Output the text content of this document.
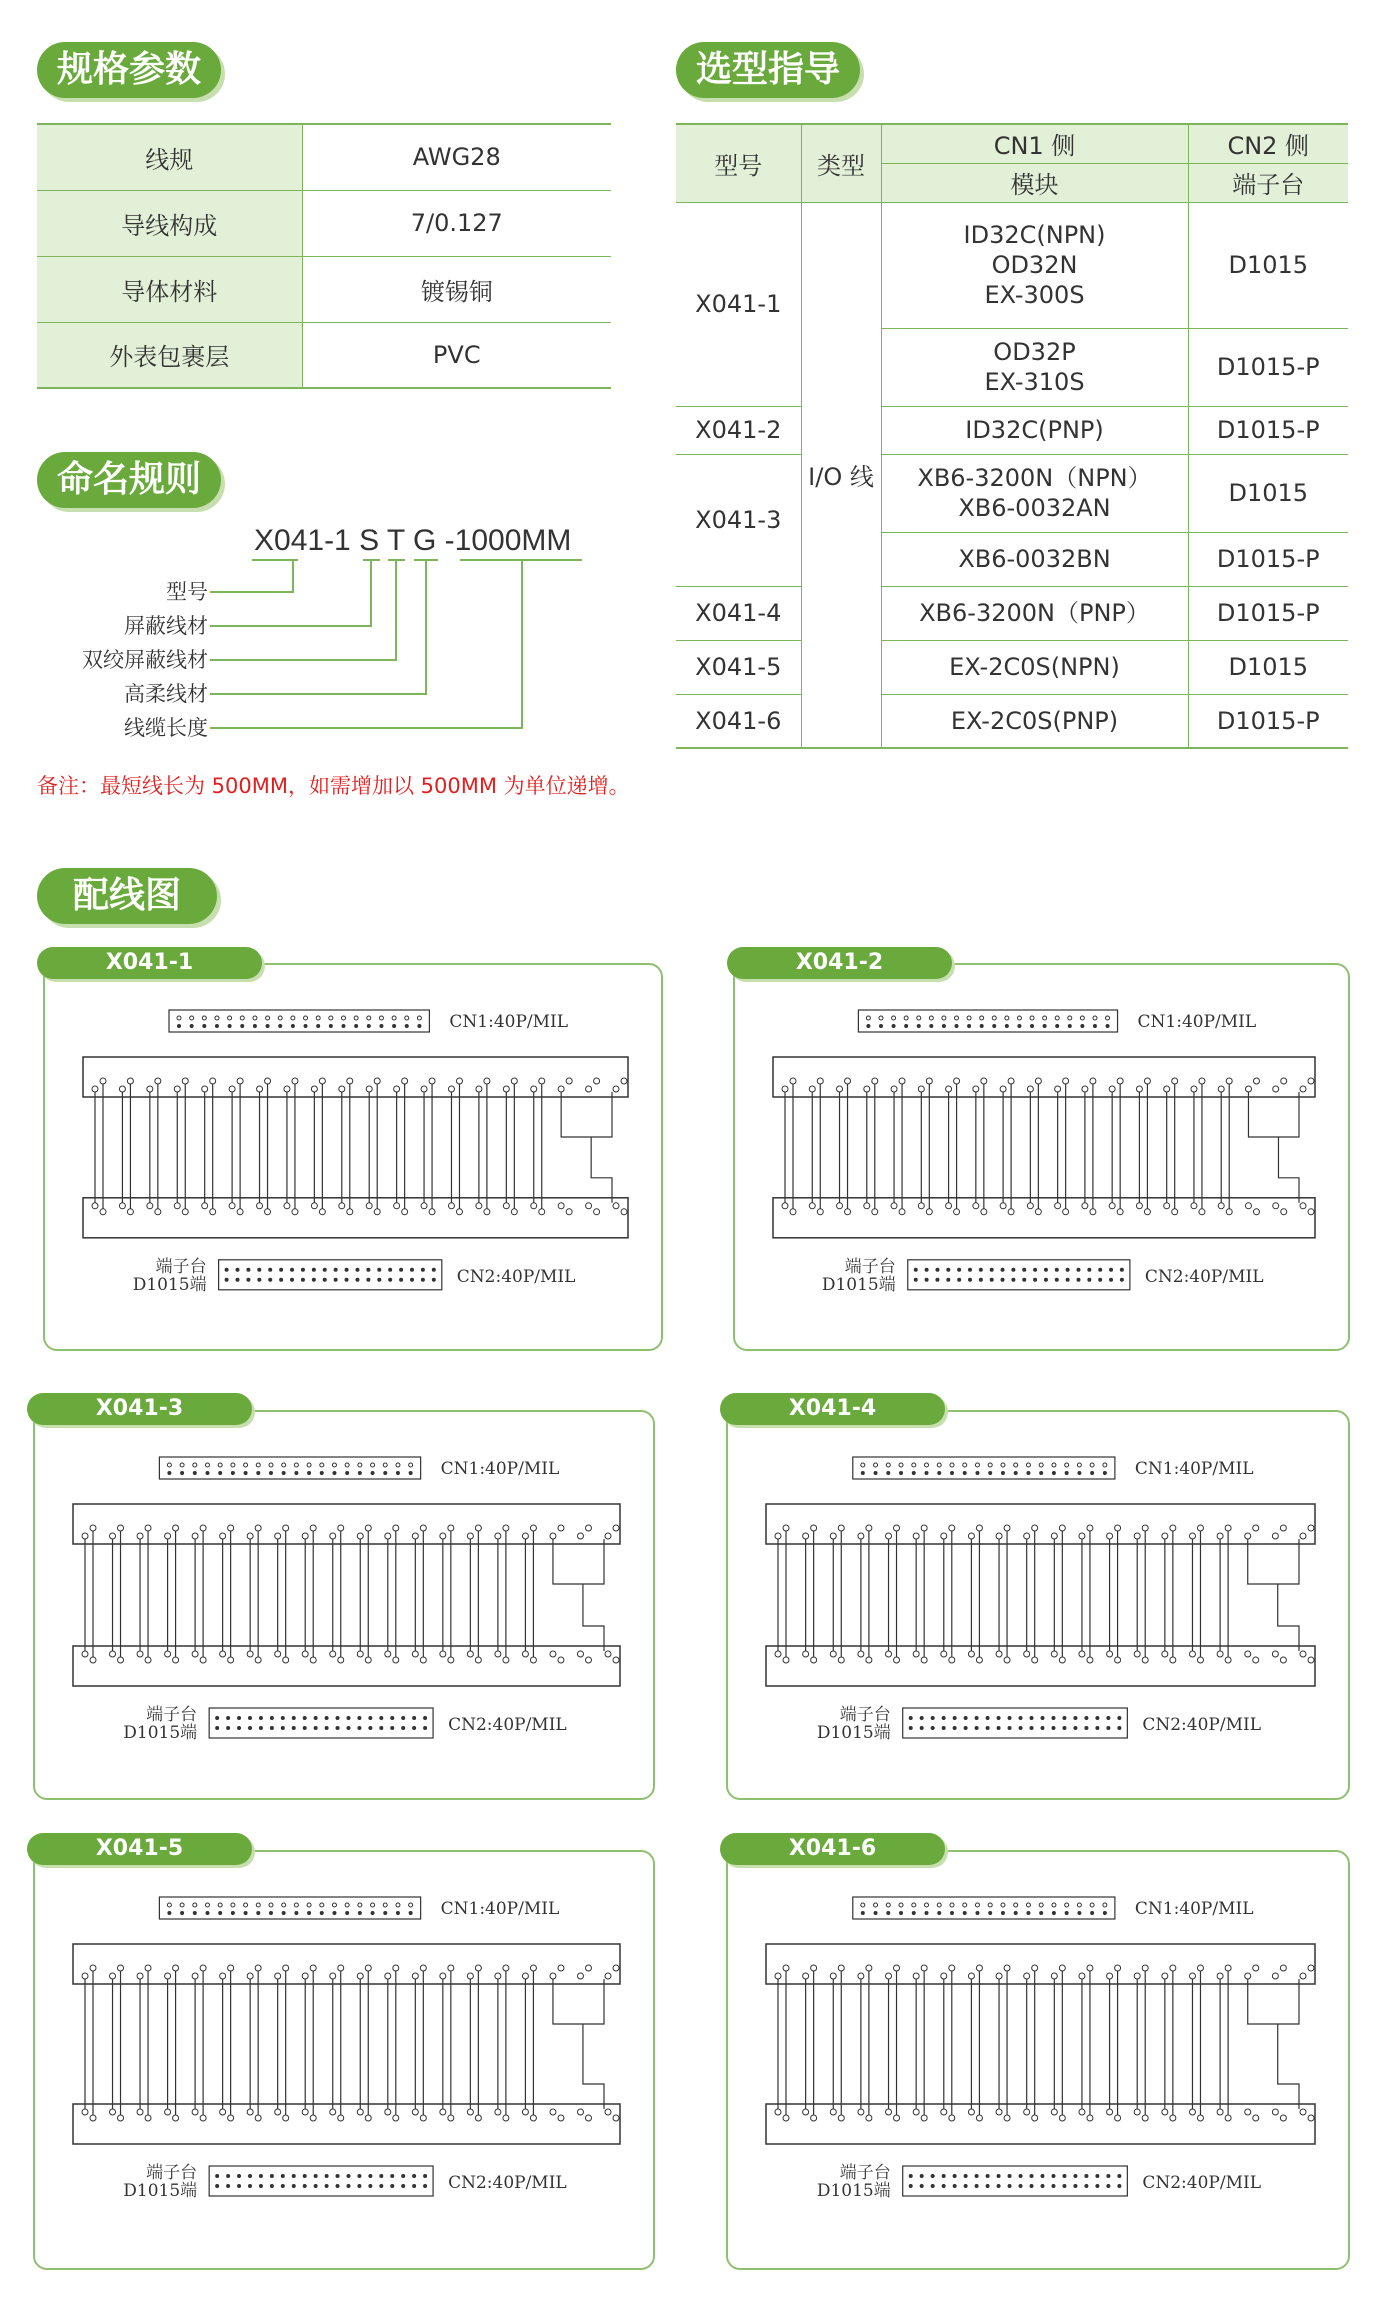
规格参数	选型指导
命名规则
配线图
线规	AWG28
导线构成	7/0.127
导体材料	镀锡铜
外表包裹层	PVC
型号	类型	CN1 侧	CN2 侧
		模块	端子台
X041-1	I/O 线	ID32C(NPN)
OD32N
EX-300S	D1015
		OD32P
EX-310S	D1015-P
X041-2		ID32C(PNP)	D1015-P
X041-3		XB6-3200N（NPN）
XB6-0032AN	D1015
		XB6-0032BN	D1015-P
X041-4		XB6-3200N（PNP）	D1015-P
X041-5		EX-2C0S(NPN)	D1015
X041-6		EX-2C0S(PNP)	D1015-P
X041-1 S T G -1000MM
型号
屏蔽线材
双绞屏蔽线材
高柔线材
线缆长度
备注：最短线长为 500MM，如需增加以 500MM 为单位递增。
CN1:40P/MIL
CN2:40P/MIL
端子台
D1015端
X041-1
CN1:40P/MIL
CN2:40P/MIL
端子台
D1015端
X041-2
CN1:40P/MIL
CN2:40P/MIL
端子台
D1015端
X041-3
CN1:40P/MIL
CN2:40P/MIL
端子台
D1015端
X041-4
CN1:40P/MIL
CN2:40P/MIL
端子台
D1015端
X041-5
CN1:40P/MIL
CN2:40P/MIL
端子台
D1015端
X041-6
